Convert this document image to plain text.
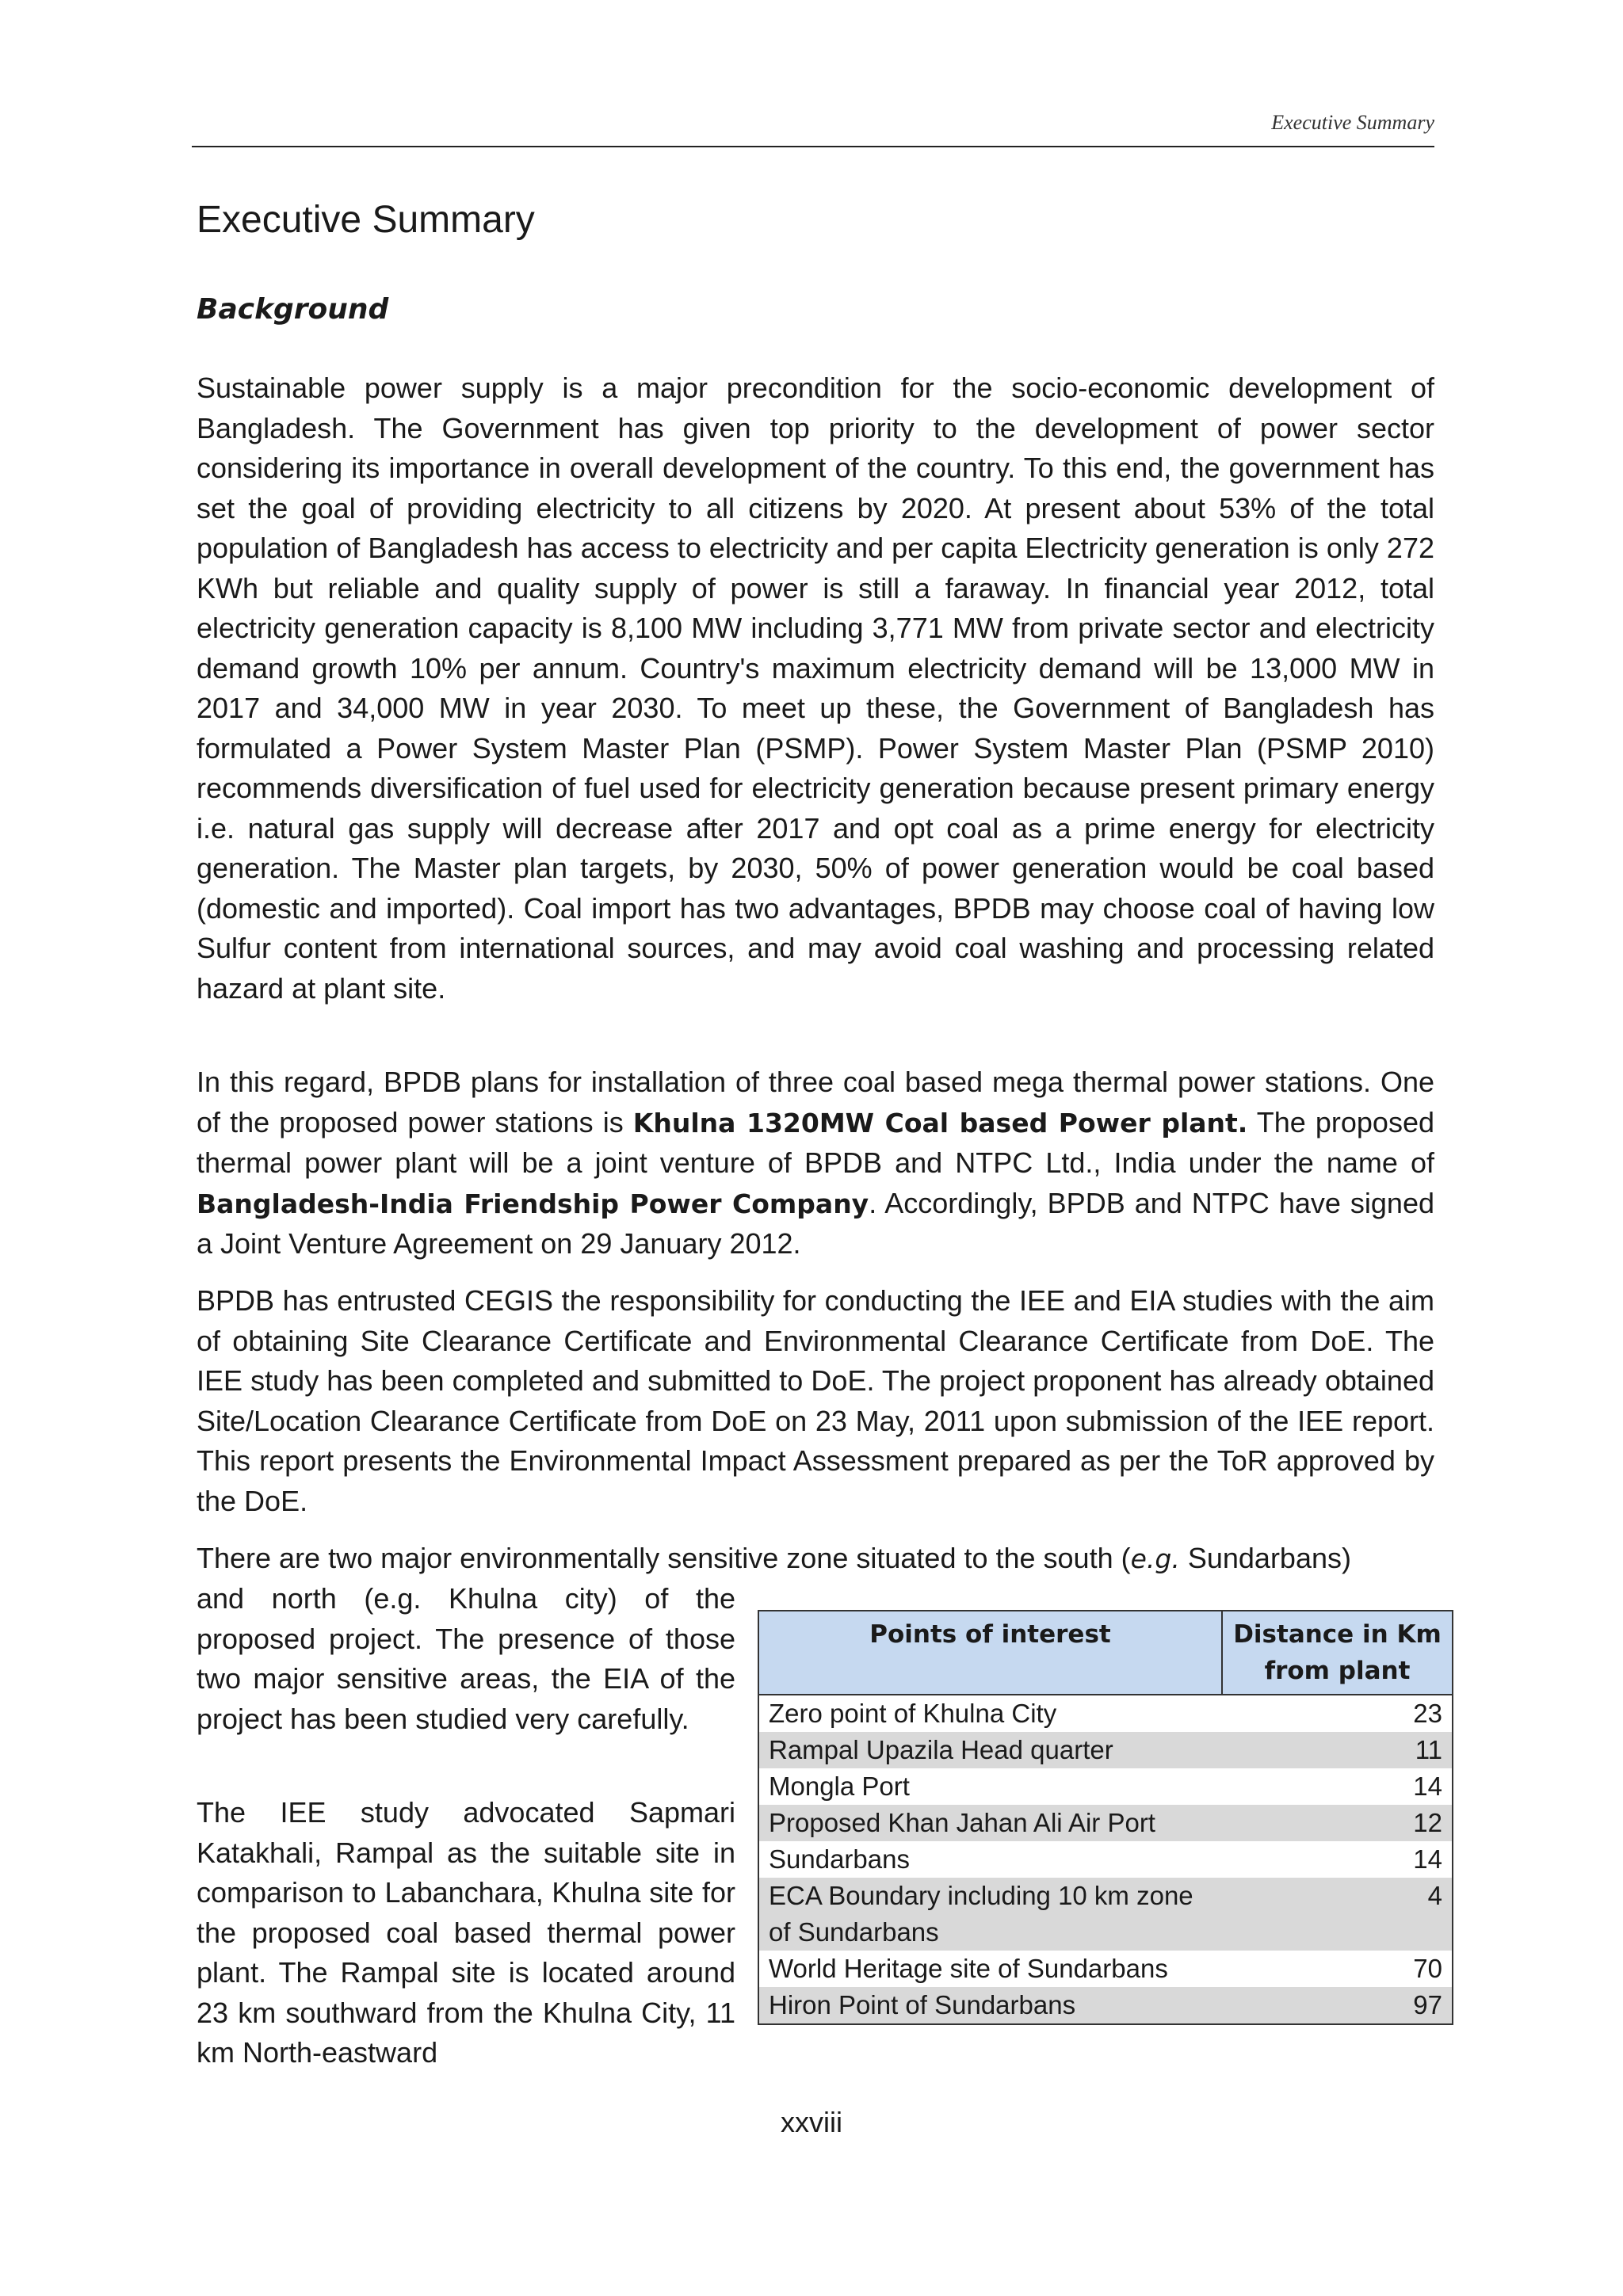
Executive Summary
Executive Summary
Background

Sustainable power supply is a major precondition for the socio-economic development of Bangladesh. The Government has given top priority to the development of power sector considering its importance in overall development of the country. To this end, the government has set the goal of providing electricity to all citizens by 2020. At present about 53% of the total population of Bangladesh has access to electricity and per capita Electricity generation is only 272 KWh but reliable and quality supply of power is still a faraway. In financial year 2012, total electricity generation capacity is 8,100 MW including 3,771 MW from private sector and electricity demand growth 10% per annum. Country's maximum electricity demand will be 13,000 MW in 2017 and 34,000 MW in year 2030. To meet up these, the Government of Bangladesh has formulated a Power System Master Plan (PSMP). Power System Master Plan (PSMP 2010) recommends diversification of fuel used for electricity generation because present primary energy i.e. natural gas supply will decrease after 2017 and opt coal as a prime energy for electricity generation. The Master plan targets, by 2030, 50% of power generation would be coal based (domestic and imported). Coal import has two advantages, BPDB may choose coal of having low Sulfur content from international sources, and may avoid coal washing and processing related hazard at plant site.

In this regard, BPDB plans for installation of three coal based mega thermal power stations. One of the proposed power stations is Khulna 1320MW Coal based Power plant. The proposed thermal power plant will be a joint venture of BPDB and NTPC Ltd., India under the name of Bangladesh-India Friendship Power Company. Accordingly, BPDB and NTPC have signed a Joint Venture Agreement on 29 January 2012.

BPDB has entrusted CEGIS the responsibility for conducting the IEE and EIA studies with the aim of obtaining Site Clearance Certificate and Environmental Clearance Certificate from DoE. The IEE study has been completed and submitted to DoE. The project proponent has already obtained Site/Location Clearance Certificate from DoE on 23 May, 2011 upon submission of the IEE report. This report presents the Environmental Impact Assessment prepared as per the ToR approved by the DoE.

There are two major environmentally sensitive zone situated to the south (e.g. Sundarbans)

and north (e.g. Khulna city) of the proposed project. The presence of those two major sensitive areas, the EIA of the project has been studied very carefully.

The IEE study advocated Sapmari Katakhali, Rampal as the suitable site in comparison to Labanchara, Khulna site for the proposed coal based thermal power plant. The Rampal site is located around 23 km southward from the Khulna City, 11 km North-eastward

Points of interest	Distance in Km from plant
Zero point of Khulna City	23
Rampal Upazila Head quarter	11
Mongla Port	14
Proposed Khan Jahan Ali Air Port	12
Sundarbans	14
ECA Boundary including 10 km zone of Sundarbans	4
World Heritage site of Sundarbans	70
Hiron Point of Sundarbans	97
xxviii
